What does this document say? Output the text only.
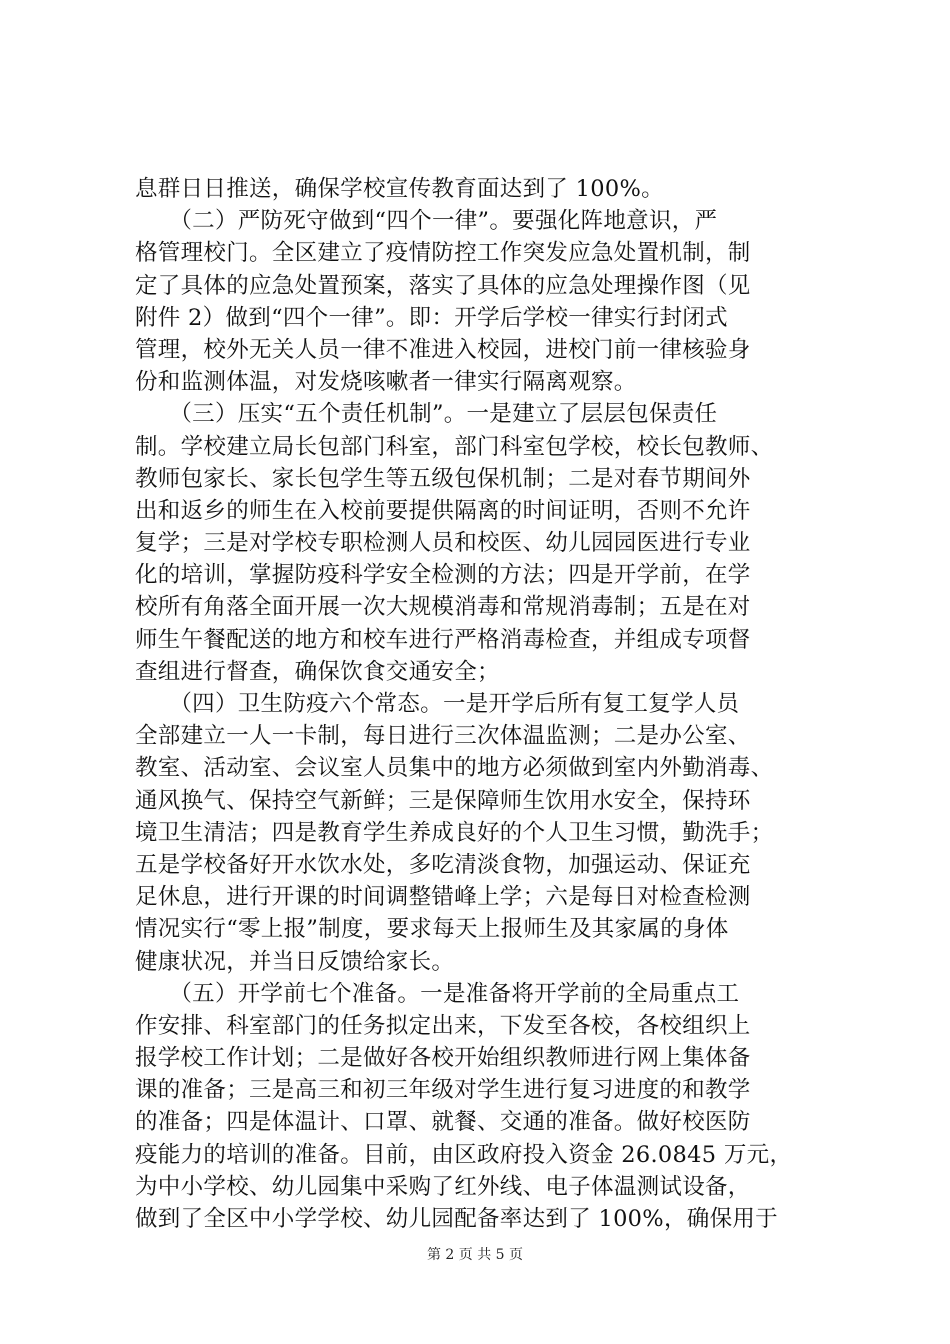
息群日日推送，确保学校宣传教育面达到了 100%。
　　（二）严防死守做到“四个一律”。要强化阵地意识，严
格管理校门。全区建立了疫情防控工作突发应急处置机制，制
定了具体的应急处置预案，落实了具体的应急处理操作图（见
附件 2）做到“四个一律”。即：开学后学校一律实行封闭式
管理，校外无关人员一律不准进入校园，进校门前一律核验身
份和监测体温，对发烧咳嗽者一律实行隔离观察。
　　（三）压实“五个责任机制”。一是建立了层层包保责任
制。学校建立局长包部门科室，部门科室包学校，校长包教师、
教师包家长、家长包学生等五级包保机制；二是对春节期间外
出和返乡的师生在入校前要提供隔离的时间证明，否则不允许
复学；三是对学校专职检测人员和校医、幼儿园园医进行专业
化的培训，掌握防疫科学安全检测的方法；四是开学前，在学
校所有角落全面开展一次大规模消毒和常规消毒制；五是在对
师生午餐配送的地方和校车进行严格消毒检查，并组成专项督
查组进行督查，确保饮食交通安全；
　　（四）卫生防疫六个常态。一是开学后所有复工复学人员
全部建立一人一卡制，每日进行三次体温监测；二是办公室、
教室、活动室、会议室人员集中的地方必须做到室内外勤消毒、
通风换气、保持空气新鲜；三是保障师生饮用水安全，保持环
境卫生清洁；四是教育学生养成良好的个人卫生习惯，勤洗手；
五是学校备好开水饮水处，多吃清淡食物，加强运动、保证充
足休息，进行开课的时间调整错峰上学；六是每日对检查检测
情况实行“零上报”制度，要求每天上报师生及其家属的身体
健康状况，并当日反馈给家长。
　　（五）开学前七个准备。一是准备将开学前的全局重点工
作安排、科室部门的任务拟定出来，下发至各校，各校组织上
报学校工作计划；二是做好各校开始组织教师进行网上集体备
课的准备；三是高三和初三年级对学生进行复习进度的和教学
的准备；四是体温计、口罩、就餐、交通的准备。做好校医防
疫能力的培训的准备。目前，由区政府投入资金 26.0845 万元，
为中小学校、幼儿园集中采购了红外线、电子体温测试设备，
做到了全区中小学学校、幼儿园配备率达到了 100%，确保用于
第 2 页 共 5 页
